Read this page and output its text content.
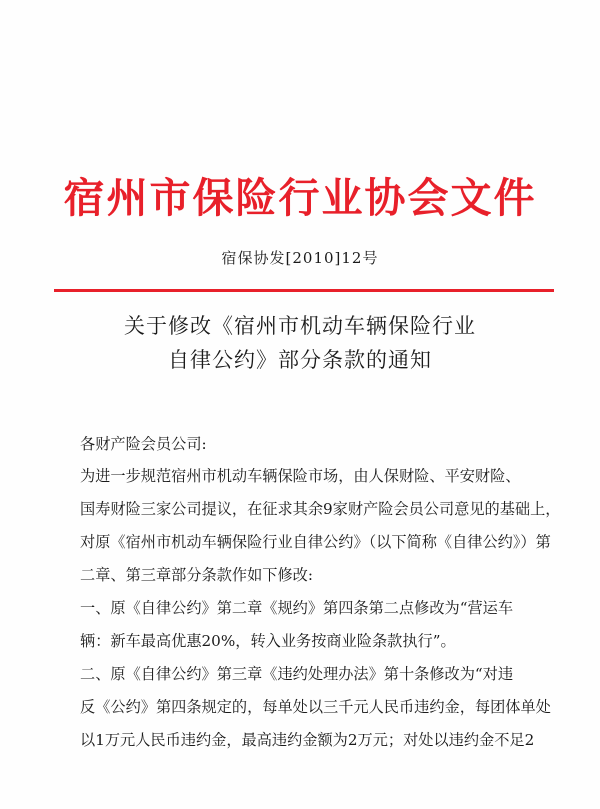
宿州市保险行业协会文件
宿保协发[2010]12号
关于修改《宿州市机动车辆保险行业
自律公约》部分条款的通知
各财产险会员公司:
为进一步规范宿州市机动车辆保险市场，由人保财险、平安财险、
国寿财险三家公司提议，在征求其余9家财产险会员公司意见的基础上，
对原《宿州市机动车辆保险行业自律公约》（以下简称《自律公约》）第
二章、第三章部分条款作如下修改:
一、原《自律公约》第二章《规约》第四条第二点修改为“营运车
辆：新车最高优惠20%，转入业务按商业险条款执行”。
二、原《自律公约》第三章《违约处理办法》第十条修改为“对违
反《公约》第四条规定的，每单处以三千元人民币违约金，每团体单处
以1万元人民币违约金，最高违约金额为2万元；对处以违约金不足2
